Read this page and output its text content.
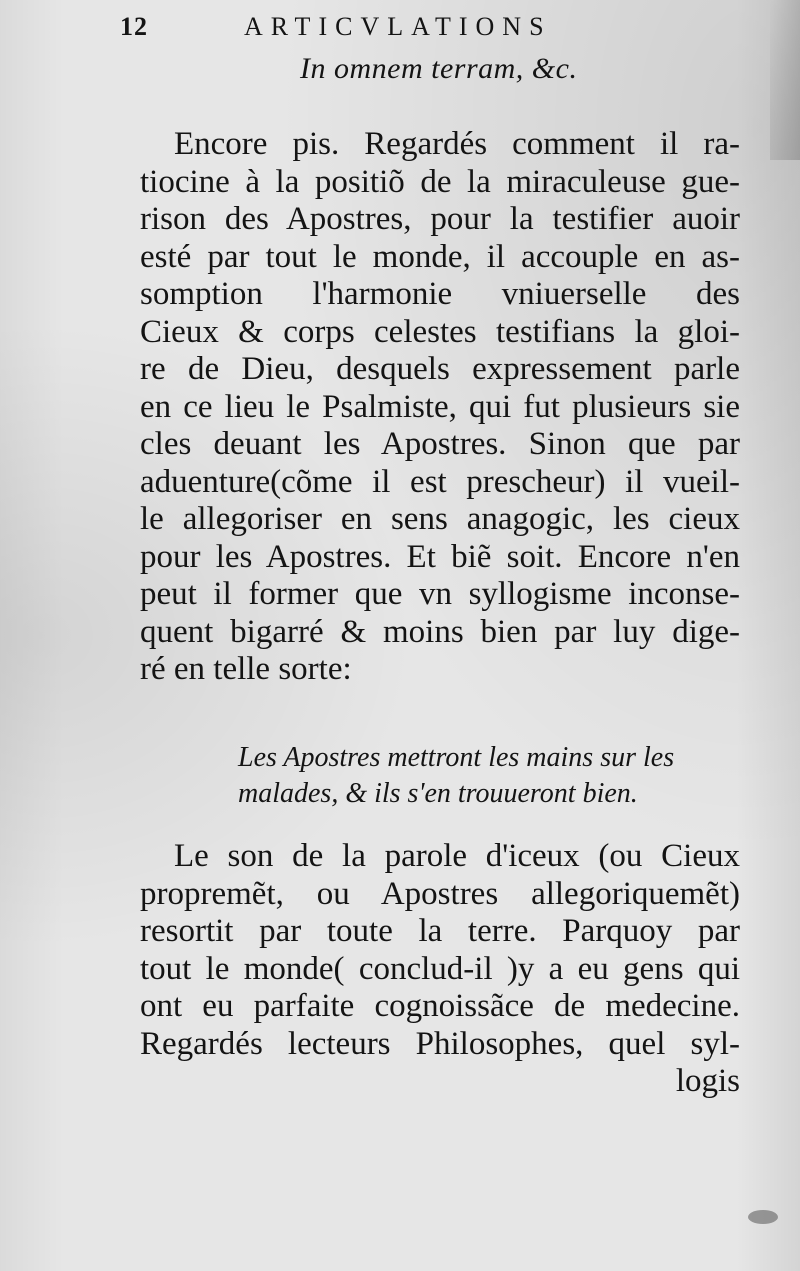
12	ARTICVLATIONS
In omnem terram, &c.
Encore pis. Regardés comment il ra-
tiocine à la positiõ de la miraculeuse gue-
rison des Apostres, pour la testifier auoir
esté par tout le monde, il accouple en as-
somption l'harmonie vniuerselle des
Cieux & corps celestes testifians la gloi-
re de Dieu, desquels expressement parle
en ce lieu le Psalmiste, qui fut plusieurs sie
cles deuant les Apostres. Sinon que par
aduenture(cõme il est prescheur) il vueil-
le allegoriser en sens anagogic, les cieux
pour les Apostres. Et biẽ soit. Encore n'en
peut il former que vn syllogisme inconse-
quent bigarré & moins bien par luy dige-
ré en telle sorte:
Les Apostres mettront les mains sur les
malades, & ils s'en trouueront bien.
Le son de la parole d'iceux (ou Cieux
propremẽt, ou Apostres allegoriquemẽt)
resortit par toute la terre. Parquoy par
tout le monde( conclud-il )y a eu gens qui
ont eu parfaite cognoissãce de medecine.
Regardés lecteurs Philosophes, quel syl-
logis
